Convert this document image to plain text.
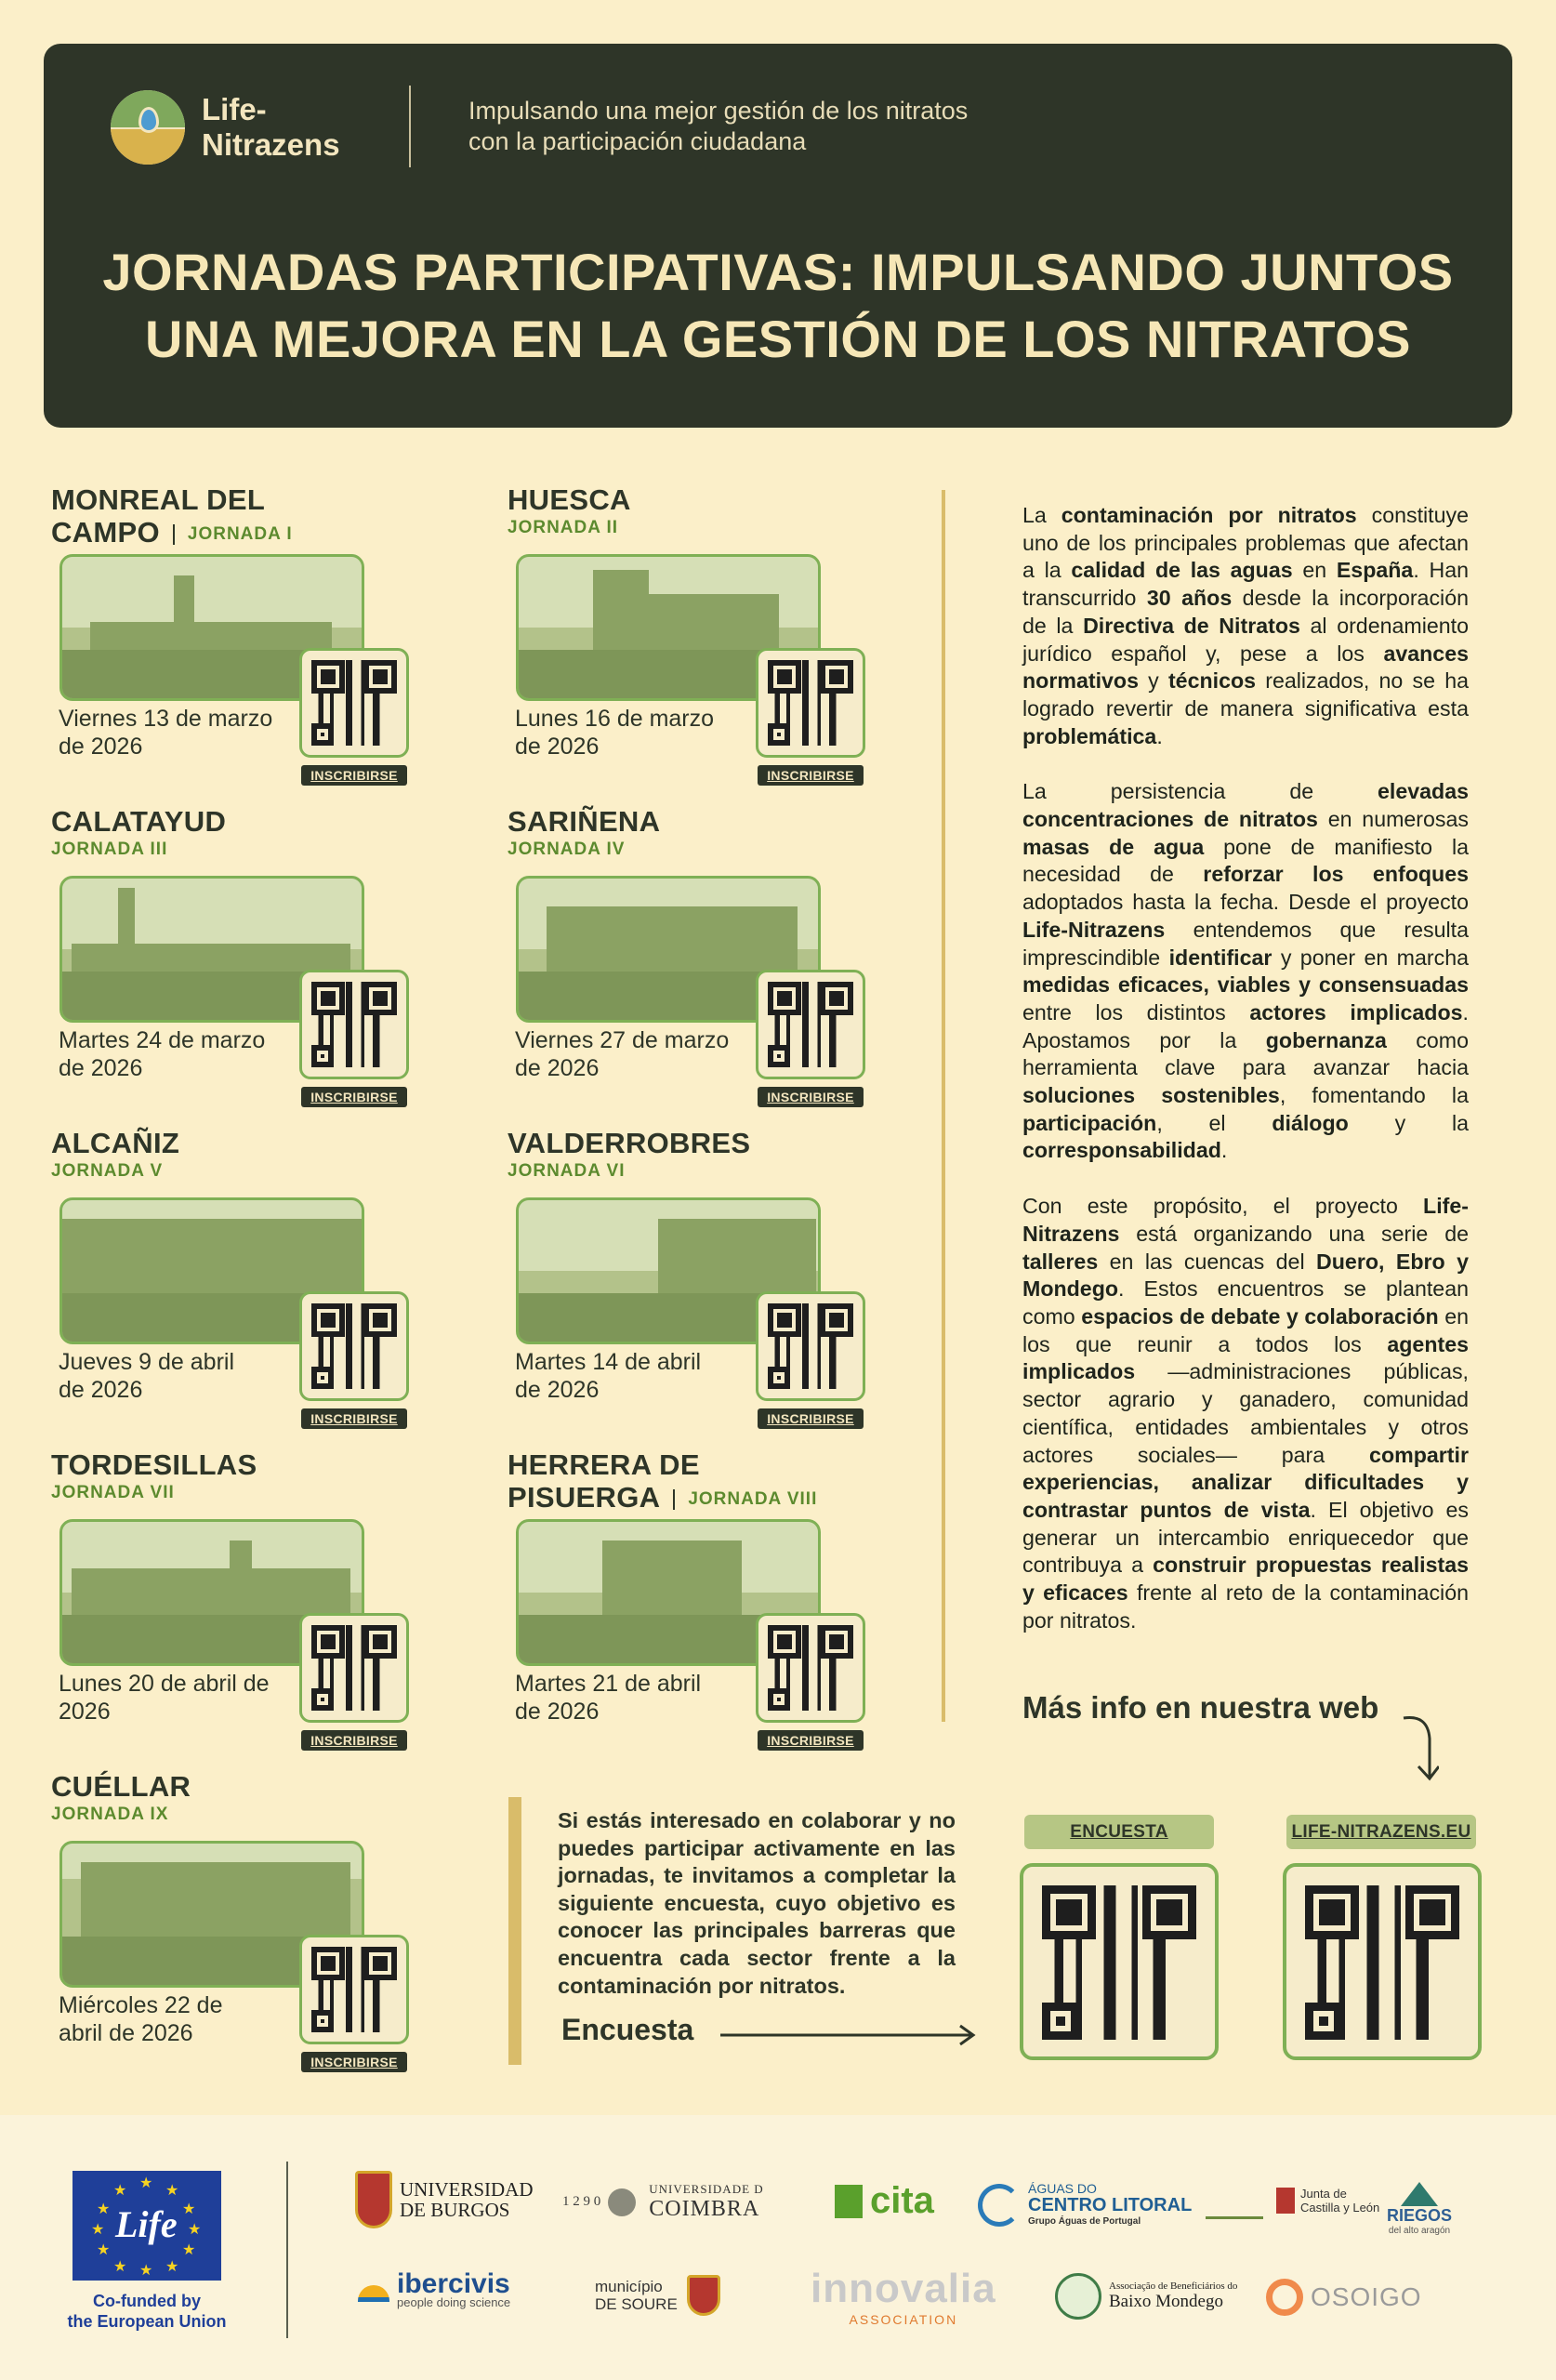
Life-
Nitrazens
Impulsando una mejor gestión de los nitratos
con la participación ciudadana
JORNADAS PARTICIPATIVAS: IMPULSANDO JUNTOS
UNA MEJORA EN LA GESTIÓN DE LOS NITRATOS
MONREAL DEL
CAMPO	JORNADA I
INSCRIBIRSE
Viernes 13 de marzo
de 2026
HUESCA
JORNADA II
INSCRIBIRSE
Lunes 16 de marzo
de 2026
CALATAYUD
JORNADA III
INSCRIBIRSE
Martes 24 de marzo
de 2026
SARIÑENA
JORNADA IV
INSCRIBIRSE
Viernes 27 de marzo
de 2026
ALCAÑIZ
JORNADA V
INSCRIBIRSE
Jueves 9 de abril
de 2026
VALDERROBRES
JORNADA VI
INSCRIBIRSE
Martes 14 de abril
de 2026
TORDESILLAS
JORNADA VII
INSCRIBIRSE
Lunes 20 de abril de
2026
HERRERA DE
PISUERGA	JORNADA VIII
INSCRIBIRSE
Martes 21 de abril
de 2026
CUÉLLAR
JORNADA IX
INSCRIBIRSE
Miércoles 22 de
abril de 2026

La contaminación por nitratos constituye uno de los principales problemas que afectan a la calidad de las aguas en España. Han transcurrido 30 años desde la incorporación de la Directiva de Nitratos al ordenamiento jurídico español y, pese a los avances normativos y técnicos realizados, no se ha logrado revertir de manera significativa esta problemática.

La persistencia de elevadas concentraciones de nitratos en numerosas masas de agua pone de manifiesto la necesidad de reforzar los enfoques adoptados hasta la fecha. Desde el proyecto Life-Nitrazens entendemos que resulta imprescindible identificar y poner en marcha medidas eficaces, viables y consensuadas entre los distintos actores implicados. Apostamos por la gobernanza como herramienta clave para avanzar hacia soluciones sostenibles, fomentando la participación, el diálogo y la corresponsabilidad.

Con este propósito, el proyecto Life-Nitrazens está organizando una serie de talleres en las cuencas del Duero, Ebro y Mondego. Estos encuentros se plantean como espacios de debate y colaboración en los que reunir a todos los agentes implicados —administraciones públicas, sector agrario y ganadero, comunidad científica, entidades ambientales y otros actores sociales— para compartir experiencias, analizar dificultades y contrastar puntos de vista. El objetivo es generar un intercambio enriquecedor que contribuya a construir propuestas realistas y eficaces frente al reto de la contaminación por nitratos.

Más info en nuestra web
Si estás interesado en colaborar y no puedes participar activamente en las jornadas, te invitamos a completar la siguiente encuesta, cuyo objetivo es conocer las principales barreras que encuentra cada sector frente a la contaminación por nitratos.
Encuesta
ENCUESTA	LIFE-NITRAZENS.EU
★ ★
★
★
★
★
★
★
★
★
★
★
Life
Co-funded by
the European Union
UNIVERSIDAD
DE BURGOS	1 2 9 0
UNIVERSIDADE D
COIMBRA	cita	ÁGUAS DO
CENTRO LITORAL
Grupo Águas de Portugal
Junta de
Castilla y León RIEGOS
del alto aragón
ibercivis
people doing science
município
DE SOURE	innovalia
ASSOCIATION
Associação de Beneficiários do
Baixo Mondego	OSOIGO
